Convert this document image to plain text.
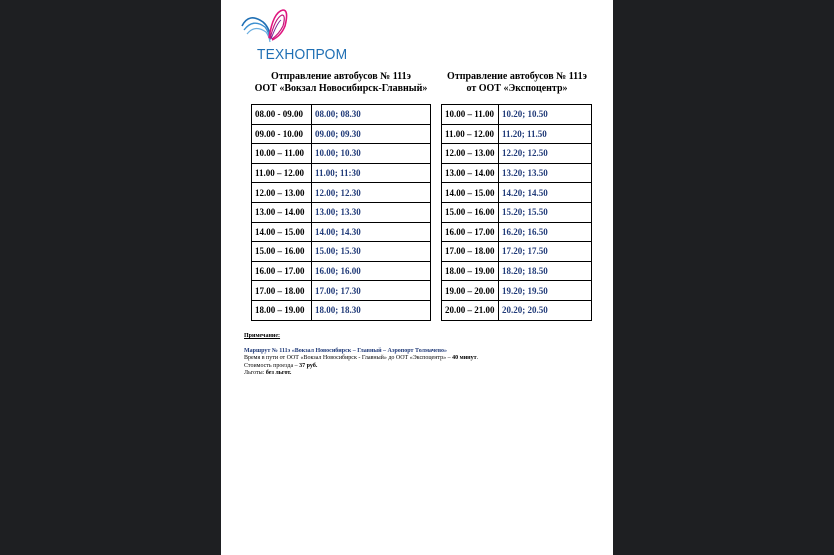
ТЕХНОПРОМ
Отправление автобусов № 111э
ООТ «Вокзал Новосибирск-Главный»
Отправление автобусов № 111э
от ООТ «Экспоцентр»
08.00 - 09.00	08.00; 08.30
09.00 - 10.00	09.00; 09.30
10.00 – 11.00	10.00; 10.30
11.00 – 12.00	11.00; 11:30
12.00 – 13.00	12.00; 12.30
13.00 – 14.00	13.00; 13.30
14.00 – 15.00	14.00; 14.30
15.00 – 16.00	15.00; 15.30
16.00 – 17.00	16.00; 16.00
17.00 – 18.00	17.00; 17.30
18.00 – 19.00	18.00; 18.30
10.00 – 11.00	10.20; 10.50
11.00 – 12.00	11.20; 11.50
12.00 – 13.00	12.20; 12.50
13.00 – 14.00	13.20; 13.50
14.00 – 15.00	14.20; 14.50
15.00 – 16.00	15.20; 15.50
16.00 – 17.00	16.20; 16.50
17.00 – 18.00	17.20; 17.50
18.00 – 19.00	18.20; 18.50
19.00 – 20.00	19.20; 19.50
20.00 – 21.00	20.20; 20.50
Примечание:
Маршрут № 111э «Вокзал Новосибирск – Главный – Аэропорт Толмачево»
Время в пути от ООТ «Вокзал Новосибирск - Главный» до ООТ «Экспоцентр» – 40 минут.
Стоимость проезда – 37 руб.
Льготы: без льгот.
